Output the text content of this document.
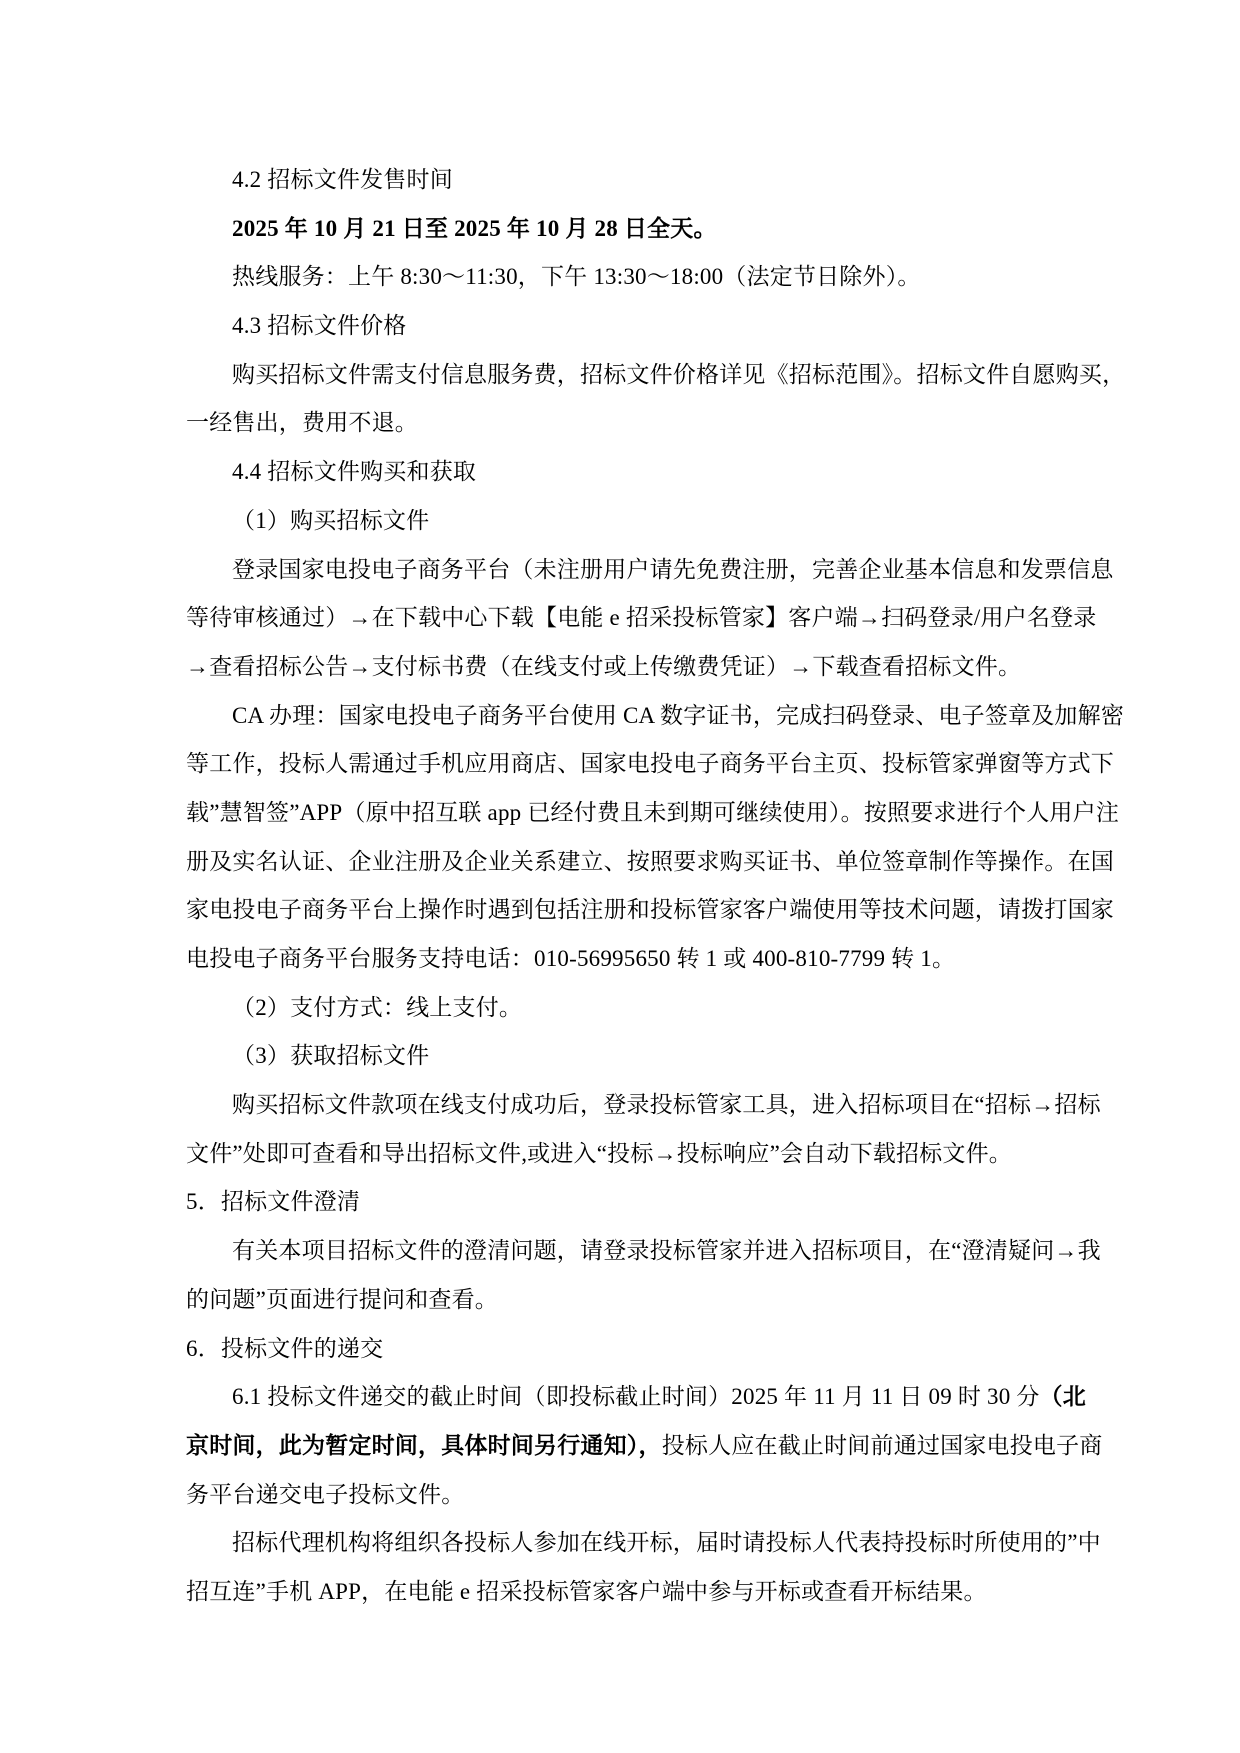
4.2 招标文件发售时间
2025 年 10 月 21 日至 2025 年 10 月 28 日全天。
热线服务：上午 8:30～11:30，下午 13:30～18:00（法定节日除外）。
4.3 招标文件价格
购买招标文件需支付信息服务费，招标文件价格详见《招标范围》。招标文件自愿购买，
一经售出，费用不退。
4.4 招标文件购买和获取
（1）购买招标文件
登录国家电投电子商务平台（未注册用户请先免费注册，完善企业基本信息和发票信息
等待审核通过）→在下载中心下载【电能 e 招采投标管家】客户端→扫码登录/用户名登录
→查看招标公告→支付标书费（在线支付或上传缴费凭证）→下载查看招标文件。
CA 办理：国家电投电子商务平台使用 CA 数字证书，完成扫码登录、电子签章及加解密
等工作，投标人需通过手机应用商店、国家电投电子商务平台主页、投标管家弹窗等方式下
载”慧智签”APP（原中招互联 app 已经付费且未到期可继续使用）。按照要求进行个人用户注
册及实名认证、企业注册及企业关系建立、按照要求购买证书、单位签章制作等操作。在国
家电投电子商务平台上操作时遇到包括注册和投标管家客户端使用等技术问题，请拨打国家
电投电子商务平台服务支持电话：010-56995650 转 1 或 400-810-7799 转 1。
（2）支付方式：线上支付。
（3）获取招标文件
购买招标文件款项在线支付成功后，登录投标管家工具，进入招标项目在“招标→招标
文件”处即可查看和导出招标文件,或进入“投标→投标响应”会自动下载招标文件。
5．招标文件澄清
有关本项目招标文件的澄清问题，请登录投标管家并进入招标项目，在“澄清疑问→我
的问题”页面进行提问和查看。
6．投标文件的递交
6.1 投标文件递交的截止时间（即投标截止时间）2025 年 11 月 11 日 09 时 30 分（北
京时间，此为暂定时间，具体时间另行通知），投标人应在截止时间前通过国家电投电子商
务平台递交电子投标文件。
招标代理机构将组织各投标人参加在线开标，届时请投标人代表持投标时所使用的”中
招互连”手机 APP，在电能 e 招采投标管家客户端中参与开标或查看开标结果。
